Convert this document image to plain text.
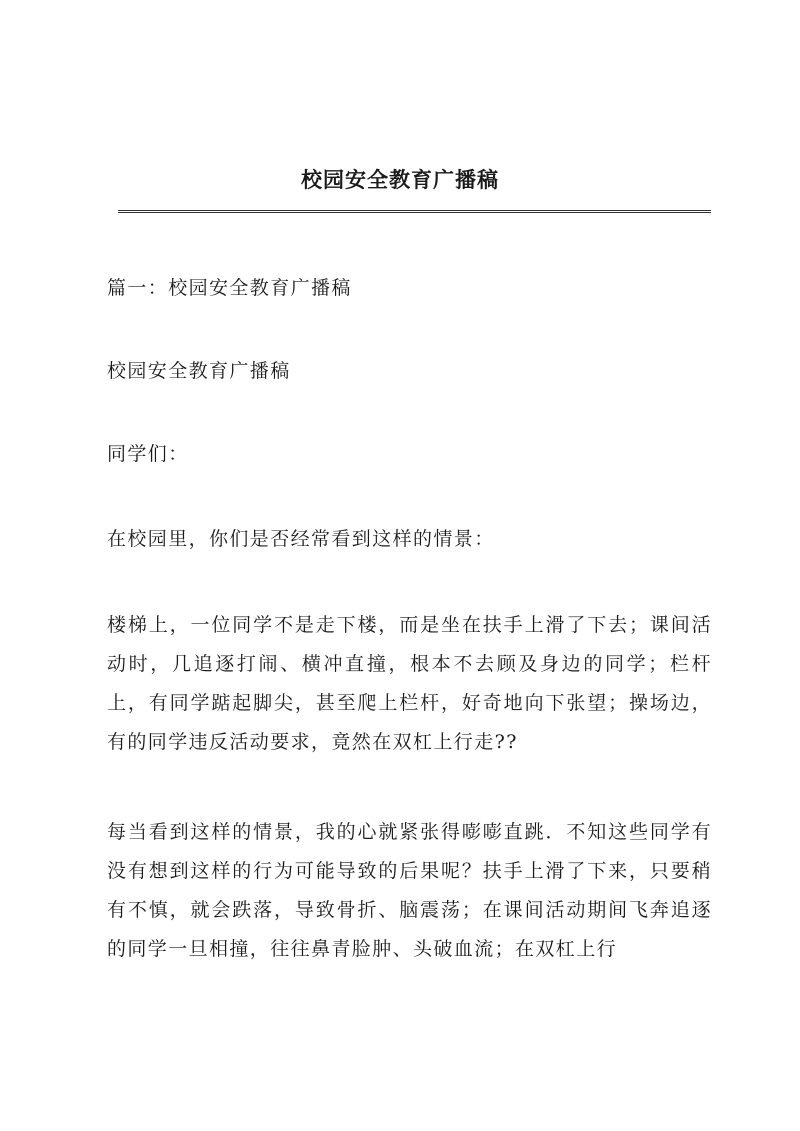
校园安全教育广播稿

篇一：校园安全教育广播稿

校园安全教育广播稿

同学们：

在校园里，你们是否经常看到这样的情景：

楼梯上，一位同学不是走下楼，而是坐在扶手上滑了下去；课间活动时，几追逐打闹、横冲直撞，根本不去顾及身边的同学；栏杆上，有同学踮起脚尖，甚至爬上栏杆，好奇地向下张望；操场边，有的同学违反活动要求，竟然在双杠上行走??

每当看到这样的情景，我的心就紧张得嘭嘭直跳．不知这些同学有没有想到这样的行为可能导致的后果呢？扶手上滑了下来，只要稍有不慎，就会跌落，导致骨折、脑震荡；在课间活动期间飞奔追逐的同学一旦相撞，往往鼻青脸肿、头破血流；在双杠上行
